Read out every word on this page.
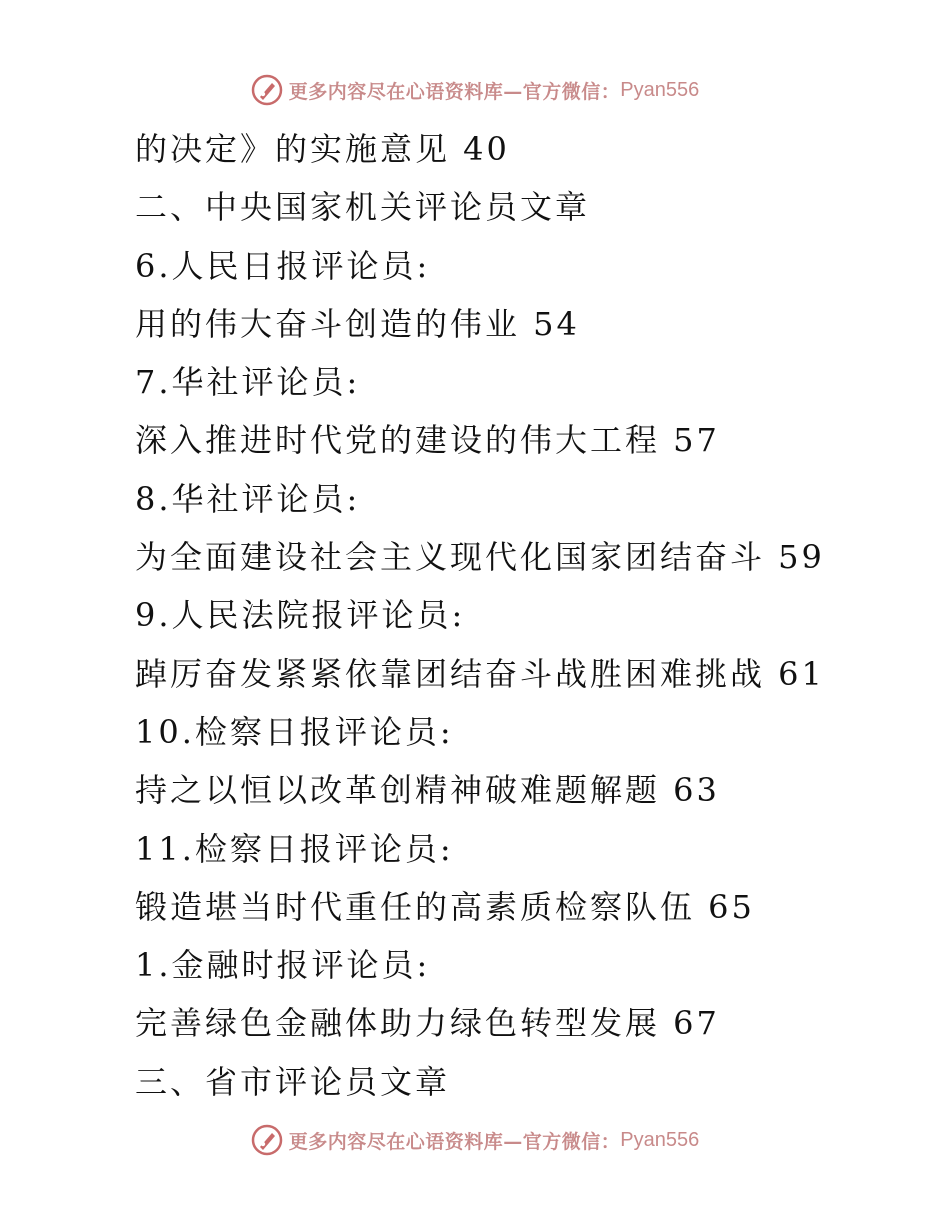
更多内容尽在心语资料库—官方微信： Pyan556
的决定》的实施意见 40
二、中央国家机关评论员文章
6.人民日报评论员:
用的伟大奋斗创造的伟业 54
7.华社评论员:
深入推进时代党的建设的伟大工程 57
8.华社评论员:
为全面建设社会主义现代化国家团结奋斗 59
9.人民法院报评论员:
踔厉奋发紧紧依靠团结奋斗战胜困难挑战 61
10.检察日报评论员:
持之以恒以改革创精神破难题解题 63
11.检察日报评论员:
锻造堪当时代重任的高素质检察队伍 65
1.金融时报评论员:
完善绿色金融体助力绿色转型发展 67
三、省市评论员文章
更多内容尽在心语资料库—官方微信： Pyan556
